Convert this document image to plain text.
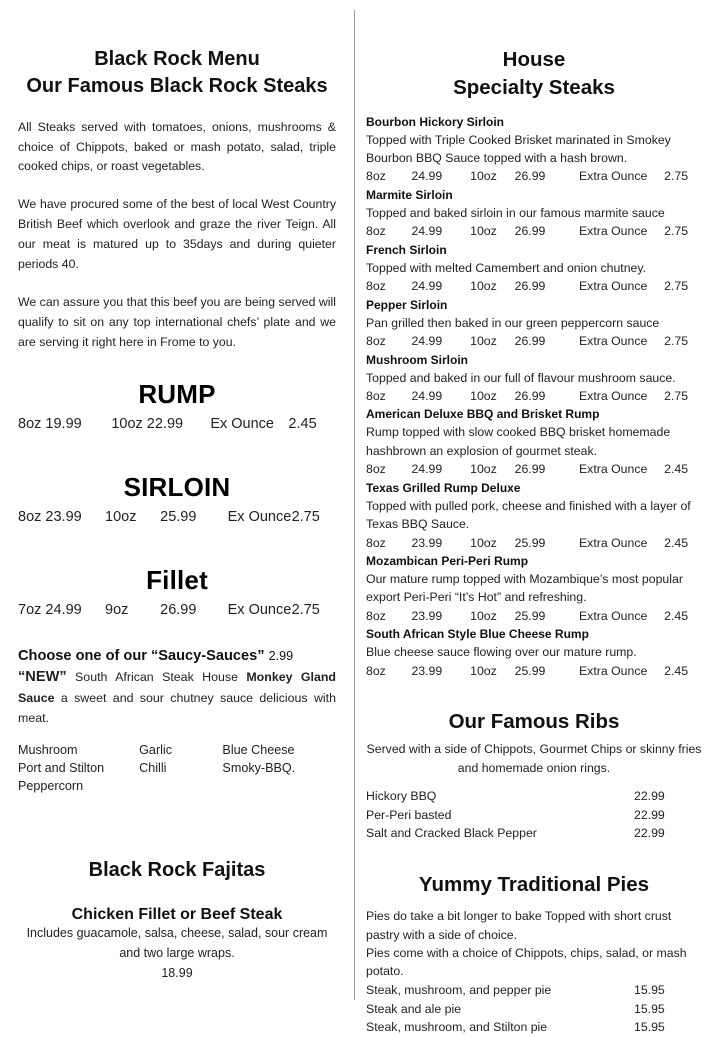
Black Rock Menu
Our Famous Black Rock Steaks

All Steaks served with tomatoes, onions, mushrooms & choice of Chippots, baked or mash potato, salad, triple cooked chips, or roast vegetables.

We have procured some of the best of local West Country British Beef which overlook and graze the river Teign. All our meat is matured up to 35days and during quieter periods 40.

We can assure you that this beef you are being served will qualify to sit on any top international chefs’ plate and we are serving it right here in Frome to you.

RUMP
8oz 19.99	10oz 22.99	Ex Ounce 2.45
SIRLOIN
8oz 23.99	10oz	25.99	Ex Ounce 2.75
Fillet
7oz 24.99	9oz	26.99	Ex Ounce 2.75
Choose one of our “Saucy-Sauces” 2.99

“NEW” South African Steak House Monkey Gland Sauce a sweet and sour chutney sauce delicious with meat.

Mushroom	Garlic	Blue Cheese
Port and Stilton	Chilli	Smoky-BBQ.
Peppercorn
Black Rock Fajitas
Chicken Fillet or Beef Steak

Includes guacamole, salsa, cheese, salad, sour cream and two large wraps.

18.99

House
Specialty Steaks
Bourbon Hickory Sirloin
Topped with Triple Cooked Brisket marinated in Smokey Bourbon BBQ Sauce topped with a hash brown.
8oz	24.99	10oz	26.99	Extra Ounce	2.75
Marmite Sirloin
Topped and baked sirloin in our famous marmite sauce
8oz	24.99	10oz	26.99	Extra Ounce	2.75
French Sirloin
Topped with melted Camembert and onion chutney.
8oz	24.99	10oz	26.99	Extra Ounce	2.75
Pepper Sirloin
Pan grilled then baked in our green peppercorn sauce
8oz	24.99	10oz	26.99	Extra Ounce	2.75
Mushroom Sirloin
Topped and baked in our full of flavour mushroom sauce.
8oz	24.99	10oz	26.99	Extra Ounce	2.75
American Deluxe BBQ and Brisket Rump
Rump topped with slow cooked BBQ brisket homemade hashbrown an explosion of gourmet steak.
8oz	24.99	10oz	26.99	Extra Ounce	2.45
Texas Grilled Rump Deluxe
Topped with pulled pork, cheese and finished with a layer of Texas BBQ Sauce.
8oz	23.99	10oz	25.99	Extra Ounce	2.45
Mozambican Peri-Peri Rump
Our mature rump topped with Mozambique’s most popular export Peri-Peri “It’s Hot” and refreshing.
8oz	23.99	10oz	25.99	Extra Ounce	2.45
South African Style Blue Cheese Rump
Blue cheese sauce flowing over our mature rump.
8oz	23.99	10oz	25.99	Extra Ounce	2.45
Our Famous Ribs

Served with a side of Chippots, Gourmet Chips or skinny fries and homemade onion rings.

Hickory BBQ	22.99
Per-Peri basted	22.99
Salt and Cracked Black Pepper	22.99
Yummy Traditional Pies

Pies do take a bit longer to bake Topped with short crust pastry with a side of choice.

Pies come with a choice of Chippots, chips, salad, or mash potato.

Steak, mushroom, and pepper pie	15.95
Steak and ale pie	15.95
Steak, mushroom, and Stilton pie	15.95
